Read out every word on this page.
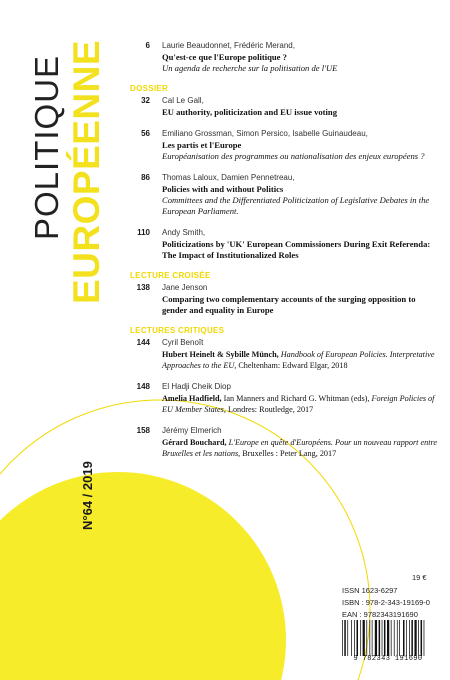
POLITIQUE EUROPÉENNE
N°64 / 2019
6	Laurie Beaudonnet, Frédéric Merand,
Qu'est-ce que l'Europe politique ?
Un agenda de recherche sur la politisation de l'UE
DOSSIER
32	Cal Le Gall,
EU authority, politicization and EU issue voting
56	Emiliano Grossman, Simon Persico, Isabelle Guinaudeau,
Les partis et l'Europe
Européanisation des programmes ou nationalisation des enjeux européens ?
86	Thomas Laloux, Damien Pennetreau,
Policies with and without Politics
Committees and the Differentiated Politicization of Legislative Debates in the European Parliament.
110	Andy Smith,
Politicizations by 'UK' European Commissioners During Exit Referenda: The Impact of Institutionalized Roles
LECTURE CROISÉE
138	Jane Jenson
Comparing two complementary accounts of the surging opposition to gender and equality in Europe
LECTURES CRITIQUES
144	Cyril Benoît
Hubert Heinelt & Sybille Münch, Handbook of European Policies. Interpretative Approaches to the EU, Cheltenham: Edward Elgar, 2018
148	El Hadji Cheik Diop
Amelia Hadfield, Ian Manners and Richard G. Whitman (eds), Foreign Policies of EU Member States, Londres: Routledge, 2017
158	Jérémy Elmerich
Gérard Bouchard, L'Europe en quête d'Européens. Pour un nouveau rapport entre Bruxelles et les nations, Bruxelles : Peter Lang, 2017
19 €
ISSN 1623-6297
ISBN : 978-2-343-19169-0
EAN : 9782343191690
9 782343 191690
